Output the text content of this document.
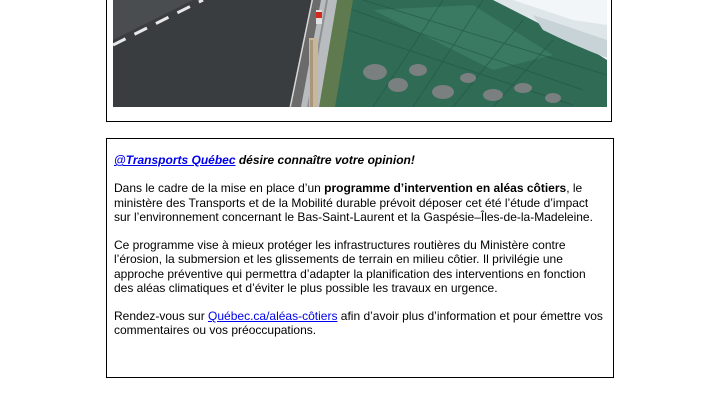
@Transports Québec désire connaître votre opinion!

Dans le cadre de la mise en place d’un programme d’intervention en aléas côtiers, le ministère des Transports et de la Mobilité durable prévoit déposer cet été l’étude d’impact sur l’environnement concernant le Bas-Saint-Laurent et la Gaspésie–Îles-de-la-Madeleine.

Ce programme vise à mieux protéger les infrastructures routières du Ministère contre l’érosion, la submersion et les glissements de terrain en milieu côtier. Il privilégie une approche préventive qui permettra d’adapter la planification des interventions en fonction des aléas climatiques et d’éviter le plus possible les travaux en urgence.

Rendez-vous sur Québec.ca/aléas-côtiers afin d’avoir plus d’information et pour émettre vos commentaires ou vos préoccupations.
